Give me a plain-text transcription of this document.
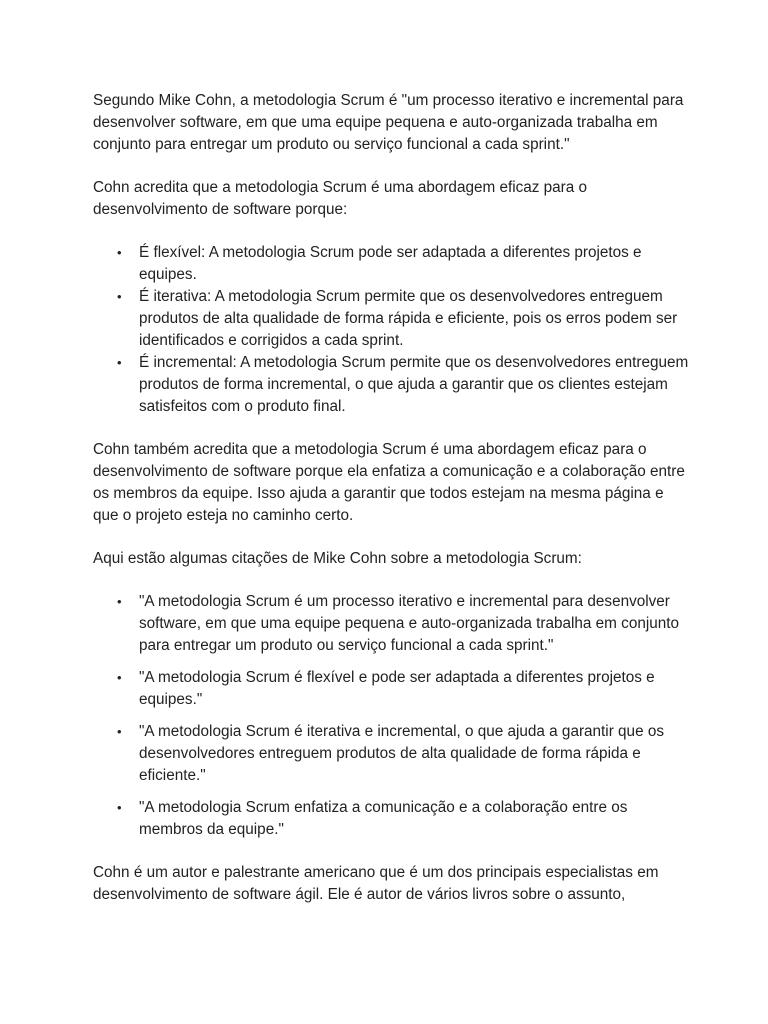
Segundo Mike Cohn, a metodologia Scrum é "um processo iterativo e incremental para desenvolver software, em que uma equipe pequena e auto-organizada trabalha em conjunto para entregar um produto ou serviço funcional a cada sprint."

Cohn acredita que a metodologia Scrum é uma abordagem eficaz para o desenvolvimento de software porque:

• É flexível: A metodologia Scrum pode ser adaptada a diferentes projetos e equipes.
• É iterativa: A metodologia Scrum permite que os desenvolvedores entreguem produtos de alta qualidade de forma rápida e eficiente, pois os erros podem ser identificados e corrigidos a cada sprint.
• É incremental: A metodologia Scrum permite que os desenvolvedores entreguem produtos de forma incremental, o que ajuda a garantir que os clientes estejam satisfeitos com o produto final.

Cohn também acredita que a metodologia Scrum é uma abordagem eficaz para o desenvolvimento de software porque ela enfatiza a comunicação e a colaboração entre os membros da equipe. Isso ajuda a garantir que todos estejam na mesma página e que o projeto esteja no caminho certo.

Aqui estão algumas citações de Mike Cohn sobre a metodologia Scrum:

• "A metodologia Scrum é um processo iterativo e incremental para desenvolver software, em que uma equipe pequena e auto-organizada trabalha em conjunto para entregar um produto ou serviço funcional a cada sprint."
• "A metodologia Scrum é flexível e pode ser adaptada a diferentes projetos e equipes."
• "A metodologia Scrum é iterativa e incremental, o que ajuda a garantir que os desenvolvedores entreguem produtos de alta qualidade de forma rápida e eficiente."
• "A metodologia Scrum enfatiza a comunicação e a colaboração entre os membros da equipe."

Cohn é um autor e palestrante americano que é um dos principais especialistas em desenvolvimento de software ágil. Ele é autor de vários livros sobre o assunto,
